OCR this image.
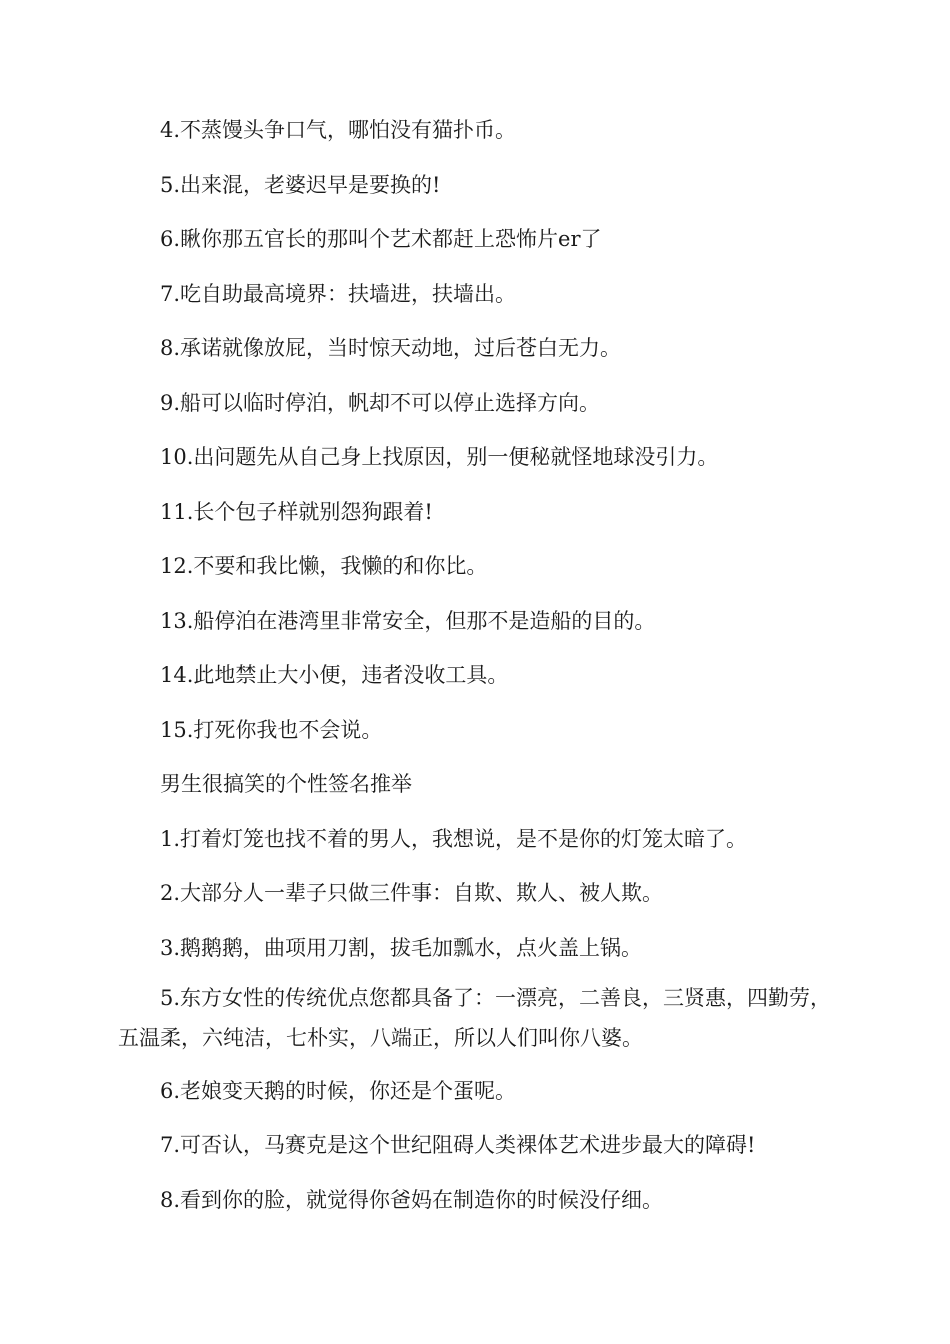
4.不蒸馒头争口气，哪怕没有猫扑币。

5.出来混，老婆迟早是要换的!

6.瞅你那五官长的那叫个艺术都赶上恐怖片er了

7.吃自助最高境界：扶墙进，扶墙出。

8.承诺就像放屁，当时惊天动地，过后苍白无力。

9.船可以临时停泊，帆却不可以停止选择方向。

10.出问题先从自己身上找原因，别一便秘就怪地球没引力。

11.长个包子样就别怨狗跟着!

12.不要和我比懒，我懒的和你比。

13.船停泊在港湾里非常安全，但那不是造船的目的。

14.此地禁止大小便，违者没收工具。

15.打死你我也不会说。

男生很搞笑的个性签名推举

1.打着灯笼也找不着的男人，我想说，是不是你的灯笼太暗了。

2.大部分人一辈子只做三件事：自欺、欺人、被人欺。

3.鹅鹅鹅，曲项用刀割，拔毛加瓢水，点火盖上锅。

5.东方女性的传统优点您都具备了：一漂亮，二善良，三贤惠，四勤劳，五温柔，六纯洁，七朴实，八端正，所以人们叫你八婆。

6.老娘变天鹅的时候，你还是个蛋呢。

7.可否认，马赛克是这个世纪阻碍人类裸体艺术进步最大的障碍!

8.看到你的脸，就觉得你爸妈在制造你的时候没仔细。
